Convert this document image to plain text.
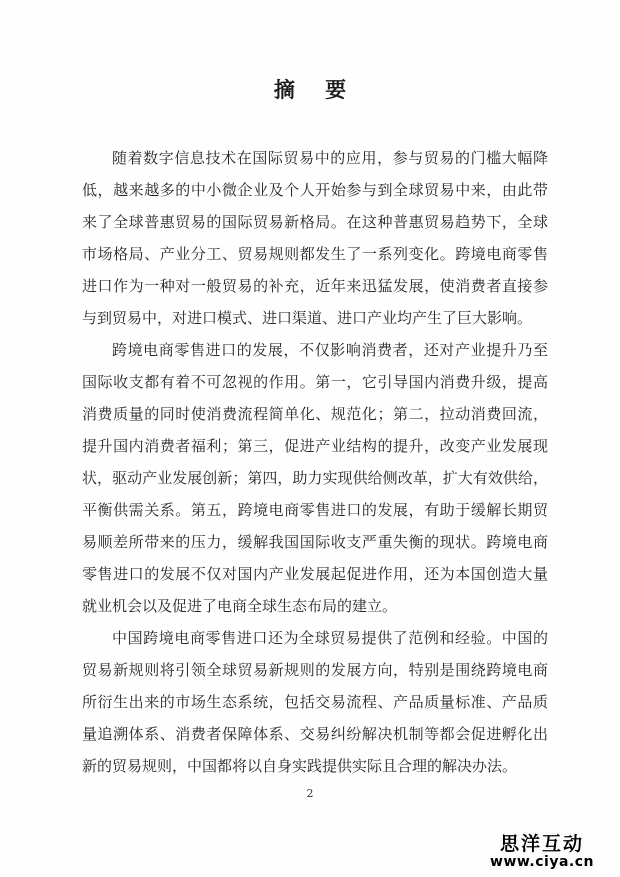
摘　要
随着数字信息技术在国际贸易中的应用，参与贸易的门槛大幅降
低，越来越多的中小微企业及个人开始参与到全球贸易中来，由此带
来了全球普惠贸易的国际贸易新格局。在这种普惠贸易趋势下，全球
市场格局、产业分工、贸易规则都发生了一系列变化。跨境电商零售
进口作为一种对一般贸易的补充，近年来迅猛发展，使消费者直接参
与到贸易中，对进口模式、进口渠道、进口产业均产生了巨大影响。
跨境电商零售进口的发展，不仅影响消费者，还对产业提升乃至
国际收支都有着不可忽视的作用。第一，它引导国内消费升级，提高
消费质量的同时使消费流程简单化、规范化；第二，拉动消费回流，
提升国内消费者福利；第三，促进产业结构的提升，改变产业发展现
状，驱动产业发展创新；第四，助力实现供给侧改革，扩大有效供给，
平衡供需关系。第五，跨境电商零售进口的发展，有助于缓解长期贸
易顺差所带来的压力，缓解我国国际收支严重失衡的现状。跨境电商
零售进口的发展不仅对国内产业发展起促进作用，还为本国创造大量
就业机会以及促进了电商全球生态布局的建立。
中国跨境电商零售进口还为全球贸易提供了范例和经验。中国的
贸易新规则将引领全球贸易新规则的发展方向，特别是围绕跨境电商
所衍生出来的市场生态系统，包括交易流程、产品质量标准、产品质
量追溯体系、消费者保障体系、交易纠纷解决机制等都会促进孵化出
新的贸易规则，中国都将以自身实践提供实际且合理的解决办法。
2
思洋互动
www.ciya.cn
